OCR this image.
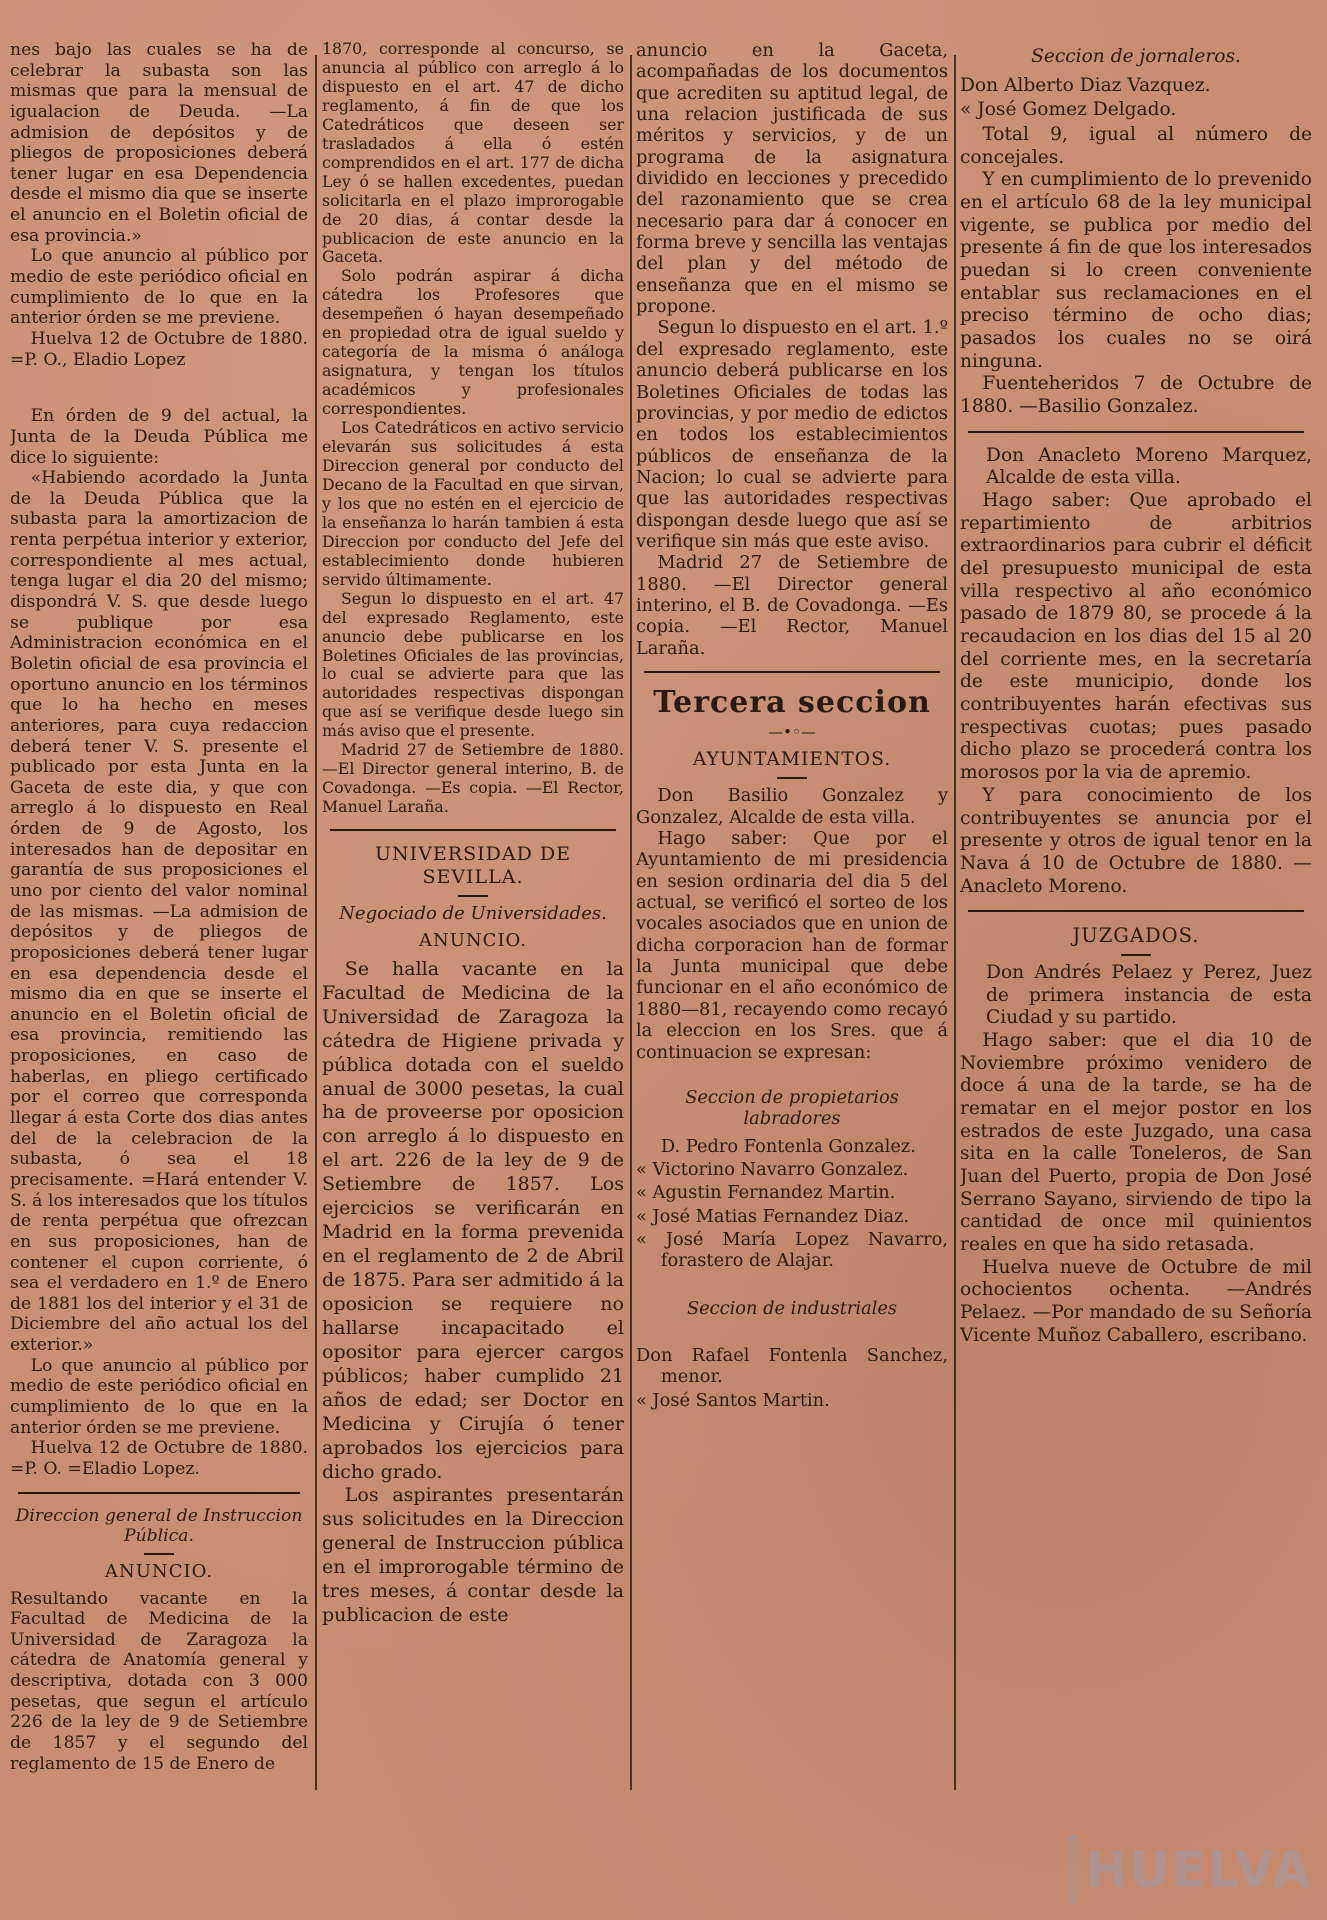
nes bajo las cuales se ha de celebrar la subasta son las mismas que para la mensual de igualacion de Deuda. —La admision de depósitos y de pliegos de proposiciones deberá tener lugar en esa Dependencia desde el mismo dia que se inserte el anuncio en el Boletin oficial de esa provincia.»

Lo que anuncio al público por medio de este periódico oficial en cumplimiento de lo que en la anterior órden se me previene.

Huelva 12 de Octubre de 1880. =P. O., Eladio Lopez

En órden de 9 del actual, la Junta de la Deuda Pública me dice lo siguiente:

«Habiendo acordado la Junta de la Deuda Pública que la subasta para la amortizacion de renta perpétua interior y exterior, correspondiente al mes actual, tenga lugar el dia 20 del mismo; dispondrá V. S. que desde luego se publique por esa Administracion económica en el Boletin oficial de esa provincia el oportuno anuncio en los términos que lo ha hecho en meses anteriores, para cuya redaccion deberá tener V. S. presente el publicado por esta Junta en la Gaceta de este dia, y que con arreglo á lo dispuesto en Real órden de 9 de Agosto, los interesados han de depositar en garantía de sus proposiciones el uno por ciento del valor nominal de las mismas. —La admision de depósitos y de pliegos de proposiciones deberá tener lugar en esa dependencia desde el mismo dia en que se inserte el anuncio en el Boletin oficial de esa provincia, remitiendo las proposiciones, en caso de haberlas, en pliego certificado por el correo que corresponda llegar á esta Corte dos dias antes del de la celebracion de la subasta, ó sea el 18 precisamente. =Hará entender V. S. á los interesados que los títulos de renta perpétua que ofrezcan en sus proposiciones, han de contener el cupon corriente, ó sea el verdadero en 1.º de Enero de 1881 los del interior y el 31 de Diciembre del año actual los del exterior.»

Lo que anuncio al público por medio de este periódico oficial en cumplimiento de lo que en la anterior órden se me previene.

Huelva 12 de Octubre de 1880. =P. O. =Eladio Lopez.

Direccion general de Instruccion Pública.

ANUNCIO.

Resultando vacante en la Facultad de Medicina de la Universidad de Zaragoza la cátedra de Anatomía general y descriptiva, dotada con 3 000 pesetas, que segun el artículo 226 de la ley de 9 de Setiembre de 1857 y el segundo del reglamento de 15 de Enero de

1870, corresponde al concurso, se anuncia al público con arreglo á lo dispuesto en el art. 47 de dicho reglamento, á fin de que los Catedráticos que deseen ser trasladados á ella ó estén comprendidos en el art. 177 de dicha Ley ó se hallen excedentes, puedan solicitarla en el plazo improrogable de 20 dias, á contar desde la publicacion de este anuncio en la Gaceta.

Solo podrán aspirar á dicha cátedra los Profesores que desempeñen ó hayan desempeñado en propiedad otra de igual sueldo y categoría de la misma ó análoga asignatura, y tengan los títulos académicos y profesionales correspondientes.

Los Catedráticos en activo servicio elevarán sus solicitudes á esta Direccion general por conducto del Decano de la Facultad en que sirvan, y los que no estén en el ejercicio de la enseñanza lo harán tambien á esta Direccion por conducto del Jefe del establecimiento donde hubieren servido últimamente.

Segun lo dispuesto en el art. 47 del expresado Reglamento, este anuncio debe publicarse en los Boletines Oficiales de las provincias, lo cual se advierte para que las autoridades respectivas dispongan que así se verifique desde luego sin más aviso que el presente.

Madrid 27 de Setiembre de 1880. —El Director general interino, B. de Covadonga. —Es copia. —El Rector, Manuel Laraña.

UNIVERSIDAD DE SEVILLA.

Negociado de Universidades.

ANUNCIO.

Se halla vacante en la Facultad de Medicina de la Universidad de Zaragoza la cátedra de Higiene privada y pública dotada con el sueldo anual de 3000 pesetas, la cual ha de proveerse por oposicion con arreglo á lo dispuesto en el art. 226 de la ley de 9 de Setiembre de 1857. Los ejercicios se verificarán en Madrid en la forma prevenida en el reglamento de 2 de Abril de 1875. Para ser admitido á la oposicion se requiere no hallarse incapacitado el opositor para ejercer cargos públicos; haber cumplido 21 años de edad; ser Doctor en Medicina y Cirujía ó tener aprobados los ejercicios para dicho grado.

Los aspirantes presentarán sus solicitudes en la Direccion general de Instruccion pública en el improrogable término de tres meses, á contar desde la publicacion de este

anuncio en la Gaceta, acompañadas de los documentos que acrediten su aptitud legal, de una relacion justificada de sus méritos y servicios, y de un programa de la asignatura dividido en lecciones y precedido del razonamiento que se crea necesario para dar á conocer en forma breve y sencilla las ventajas del plan y del método de enseñanza que en el mismo se propone.

Segun lo dispuesto en el art. 1.º del expresado reglamento, este anuncio deberá publicarse en los Boletines Oficiales de todas las provincias, y por medio de edictos en todos los establecimientos públicos de enseñanza de la Nacion; lo cual se advierte para que las autoridades respectivas dispongan desde luego que así se verifique sin más que este aviso.

Madrid 27 de Setiembre de 1880. —El Director general interino, el B. de Covadonga. —Es copia. —El Rector, Manuel Laraña.

Tercera seccion

—•◦—

AYUNTAMIENTOS.

Don Basilio Gonzalez y Gonzalez, Alcalde de esta villa.

Hago saber: Que por el Ayuntamiento de mi presidencia en sesion ordinaria del dia 5 del actual, se verificó el sorteo de los vocales asociados que en union de dicha corporacion han de formar la Junta municipal que debe funcionar en el año económico de 1880—81, recayendo como recayó la eleccion en los Sres. que á continuacion se expresan:

Seccion de propietarios labradores

D. Pedro Fontenla Gonzalez.

« Victorino Navarro Gonzalez.

« Agustin Fernandez Martin.

« José Matias Fernandez Diaz.

« José María Lopez Navarro, forastero de Alajar.

Seccion de industriales

Don Rafael Fontenla Sanchez, menor.

« José Santos Martin.

Seccion de jornaleros.

Don Alberto Diaz Vazquez.

« José Gomez Delgado.

Total 9, igual al número de concejales.

Y en cumplimiento de lo prevenido en el artículo 68 de la ley municipal vigente, se publica por medio del presente á fin de que los interesados puedan si lo creen conveniente entablar sus reclamaciones en el preciso término de ocho dias; pasados los cuales no se oirá ninguna.

Fuenteheridos 7 de Octubre de 1880. —Basilio Gonzalez.

Don Anacleto Moreno Marquez, Alcalde de esta villa.

Hago saber: Que aprobado el repartimiento de arbitrios extraordinarios para cubrir el déficit del presupuesto municipal de esta villa respectivo al año económico pasado de 1879 80, se procede á la recaudacion en los dias del 15 al 20 del corriente mes, en la secretaría de este municipio, donde los contribuyentes harán efectivas sus respectivas cuotas; pues pasado dicho plazo se procederá contra los morosos por la via de apremio.

Y para conocimiento de los contribuyentes se anuncia por el presente y otros de igual tenor en la Nava á 10 de Octubre de 1880. —Anacleto Moreno.

JUZGADOS.

Don Andrés Pelaez y Perez, Juez de primera instancia de esta Ciudad y su partido.

Hago saber: que el dia 10 de Noviembre próximo venidero de doce á una de la tarde, se ha de rematar en el mejor postor en los estrados de este Juzgado, una casa sita en la calle Toneleros, de San Juan del Puerto, propia de Don José Serrano Sayano, sirviendo de tipo la cantidad de once mil quinientos reales en que ha sido retasada.

Huelva nueve de Octubre de mil ochocientos ochenta. —Andrés Pelaez. —Por mandado de su Señoría Vicente Muñoz Caballero, escribano.

HUELVA
